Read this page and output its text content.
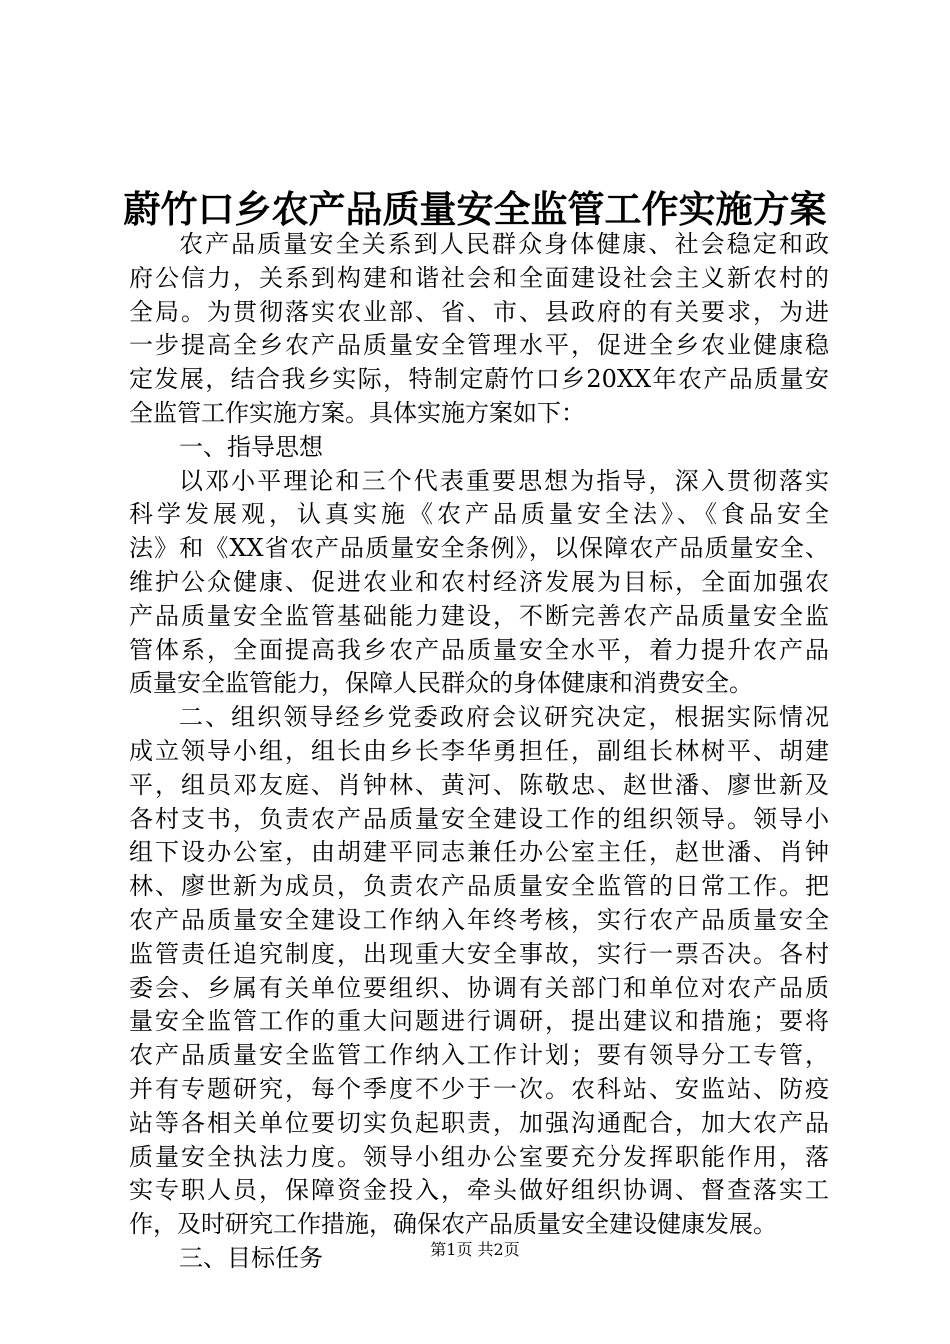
蔚竹口乡农产品质量安全监管工作实施方案
农产品质量安全关系到人民群众身体健康、社会稳定和政
府公信力，关系到构建和谐社会和全面建设社会主义新农村的
全局。为贯彻落实农业部、省、市、县政府的有关要求，为进
一步提高全乡农产品质量安全管理水平，促进全乡农业健康稳
定发展，结合我乡实际，特制定蔚竹口乡20XX年农产品质量安
全监管工作实施方案。具体实施方案如下：
一、指导思想
以邓小平理论和三个代表重要思想为指导，深入贯彻落实
科学发展观，认真实施《农产品质量安全法》、《食品安全
法》和《XX省农产品质量安全条例》，以保障农产品质量安全、
维护公众健康、促进农业和农村经济发展为目标，全面加强农
产品质量安全监管基础能力建设，不断完善农产品质量安全监
管体系，全面提高我乡农产品质量安全水平，着力提升农产品
质量安全监管能力，保障人民群众的身体健康和消费安全。
二、组织领导经乡党委政府会议研究决定，根据实际情况
成立领导小组，组长由乡长李华勇担任，副组长林树平、胡建
平，组员邓友庭、肖钟林、黄河、陈敬忠、赵世潘、廖世新及
各村支书，负责农产品质量安全建设工作的组织领导。领导小
组下设办公室，由胡建平同志兼任办公室主任，赵世潘、肖钟
林、廖世新为成员，负责农产品质量安全监管的日常工作。把
农产品质量安全建设工作纳入年终考核，实行农产品质量安全
监管责任追究制度，出现重大安全事故，实行一票否决。各村
委会、乡属有关单位要组织、协调有关部门和单位对农产品质
量安全监管工作的重大问题进行调研，提出建议和措施；要将
农产品质量安全监管工作纳入工作计划；要有领导分工专管，
并有专题研究，每个季度不少于一次。农科站、安监站、防疫
站等各相关单位要切实负起职责，加强沟通配合，加大农产品
质量安全执法力度。领导小组办公室要充分发挥职能作用，落
实专职人员，保障资金投入，牵头做好组织协调、督查落实工
作，及时研究工作措施，确保农产品质量安全建设健康发展。
三、目标任务	第1页 共2页
